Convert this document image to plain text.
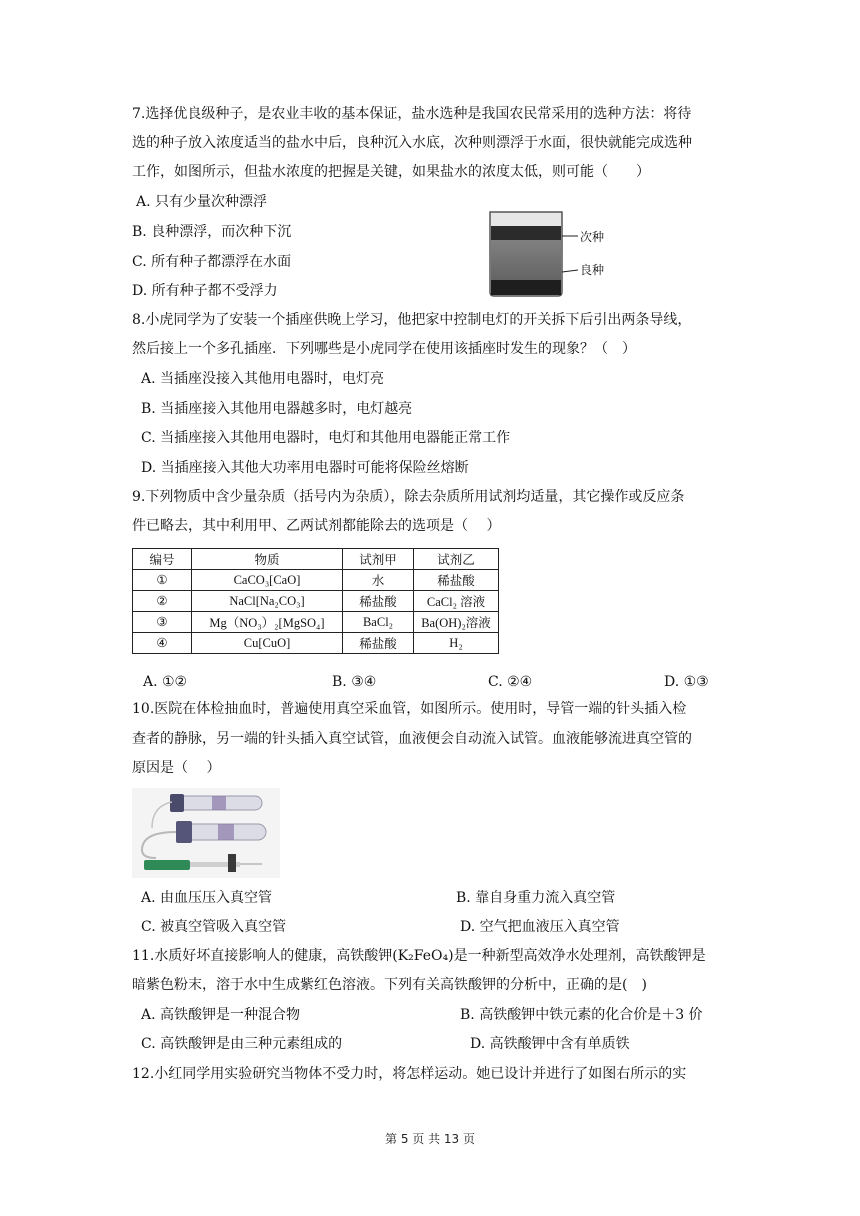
7.选择优良级种子，是农业丰收的基本保证，盐水选种是我国农民常采用的选种方法：将待
选的种子放入浓度适当的盐水中后，良种沉入水底，次种则漂浮于水面，很快就能完成选种
工作，如图所示，但盐水浓度的把握是关键，如果盐水的浓度太低，则可能（　　）
A. 只有少量次种漂浮
B. 良种漂浮，而次种下沉
C. 所有种子都漂浮在水面
D. 所有种子都不受浮力
次种
良种
8.小虎同学为了安装一个插座供晚上学习，他把家中控制电灯的开关拆下后引出两条导线，
然后接上一个多孔插座．下列哪些是小虎同学在使用该插座时发生的现象？（　）
A. 当插座没接入其他用电器时，电灯亮
B. 当插座接入其他用电器越多时，电灯越亮
C. 当插座接入其他用电器时，电灯和其他用电器能正常工作
D. 当插座接入其他大功率用电器时可能将保险丝熔断
9.下列物质中含少量杂质（括号内为杂质），除去杂质所用试剂均适量，其它操作或反应条
件已略去，其中利用甲、乙两试剂都能除去的选项是（　 ）
编号	物质	试剂甲	试剂乙
①	CaCO₃[CaO]	水	稀盐酸
②	NaCl[Na₂CO₃]	稀盐酸	CaCl₂ 溶液
③	Mg（NO₃）₂[MgSO₄]	BaCl₂	Ba(OH)₂溶液
④	Cu[CuO]	稀盐酸	H₂
A. ①②	B. ③④	C. ②④	D. ①③
10.医院在体检抽血时，普遍使用真空采血管，如图所示。使用时，导管一端的针头插入检
查者的静脉，另一端的针头插入真空试管，血液便会自动流入试管。血液能够流进真空管的
原因是（　 ）
A. 由血压压入真空管	B. 靠自身重力流入真空管
C. 被真空管吸入真空管	D. 空气把血液压入真空管
11.水质好坏直接影响人的健康，高铁酸钾(K₂FeO₄)是一种新型高效净水处理剂，高铁酸钾是
暗紫色粉末，溶于水中生成紫红色溶液。下列有关高铁酸钾的分析中，正确的是(　)
A. 高铁酸钾是一种混合物	B. 高铁酸钾中铁元素的化合价是＋3 价
C. 高铁酸钾是由三种元素组成的	D. 高铁酸钾中含有单质铁
12.小红同学用实验研究当物体不受力时，将怎样运动。她已设计并进行了如图右所示的实
第 5 页 共 13 页
